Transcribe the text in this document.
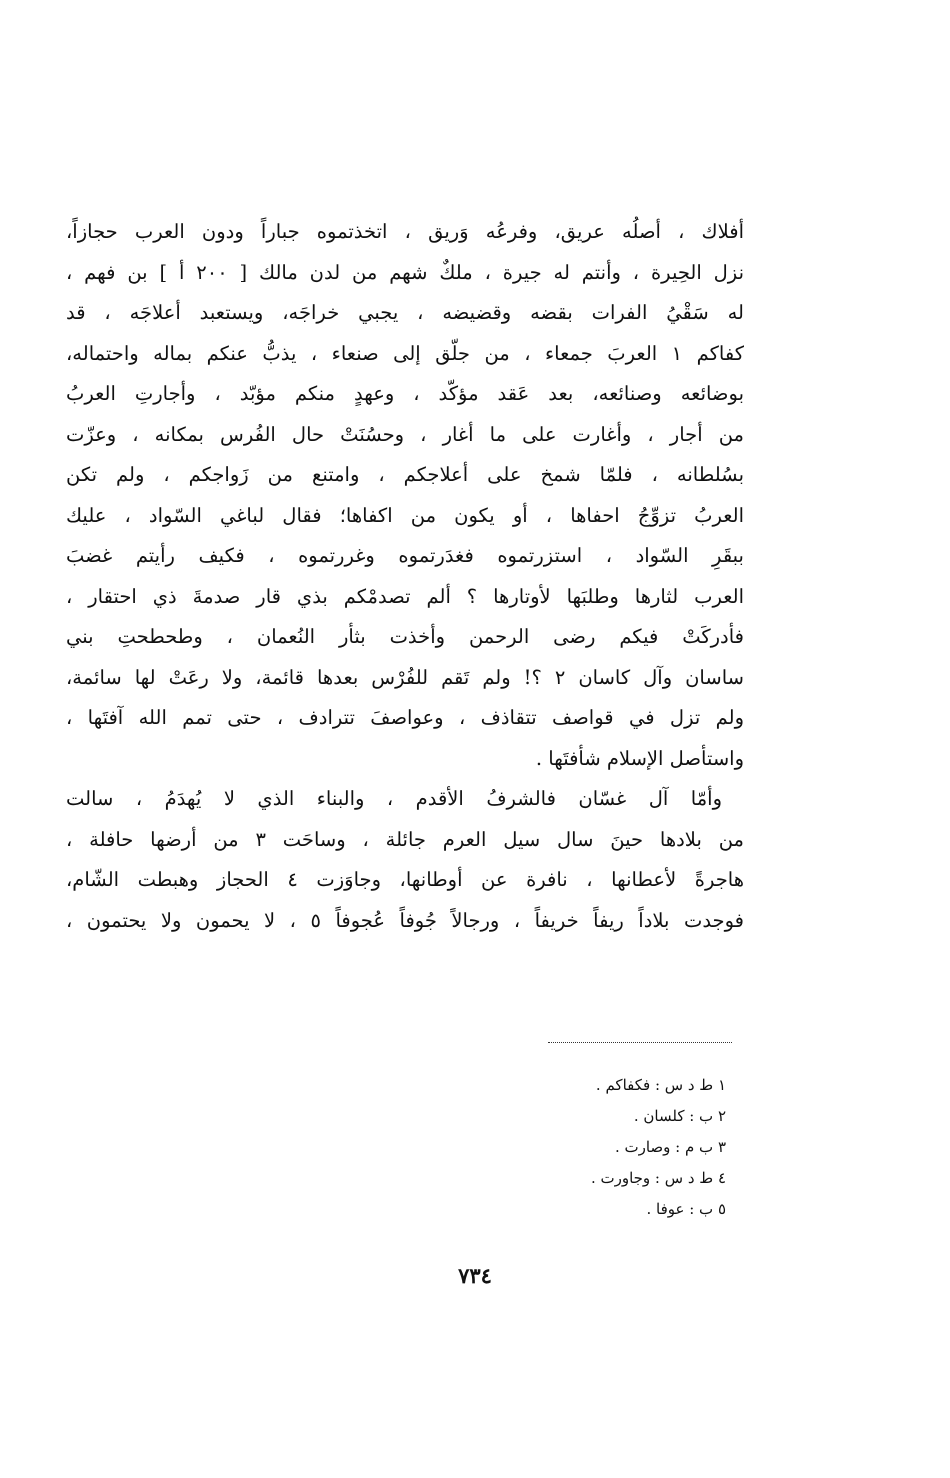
أفلاك ، أصلُه عريق، وفرعُه وَريق ، اتخذتموه جباراً ودون العرب حجازاً،
نزل الحِيرة ، وأنتم له جيرة ، ملكٌ شهم من لدن مالك [ ٢٠٠ أ ] بن فهم ،
له سَقْيُ الفرات بقضه وقضيضه ، يجبي خراجَه، ويستعبد أعلاجَه ، قد
كفاكم ١ العربَ جمعاء ، من جلّق إلى صنعاء ، يذبُّ عنكم بماله واحتماله،
بوضائعه وصنائعه، بعد عَقد مؤكّد ، وعهدٍ منكم مؤبّد ، وأجارتِ العربُ
من أجار ، وأغارت على ما أغار ، وحسُنَتْ حال الفُرس بمكانه ، وعزّت
بسُلطانه ، فلمّا شمخ على أعلاجكم ، وامتنع من زَواجكم ، ولم تكن
العربُ تزوِّجُ احفاها ، أو يكون من اكفاها؛ فقال لباغي السّواد ، عليك
ببقَرِ السّواد ، استزرتموه فغدَرتموه وغررتموه ، فكيف رأيتم غضبَ
العرب لثارها وطلبَها لأوتارها ؟ ألم تصدمْكم بذي قار صدمةَ ذي احتقار ،
فأدركَتْ فيكم رضى الرحمن وأخذت بثأر النُعمان ، وطحطحتِ بني
ساسان وآل كاسان ٢ ؟! ولم تَقم للفُرْس بعدها قائمة، ولا رعَتْ لها سائمة،
ولم تزل في قواصف تتقاذف ، وعواصفَ تترادف ، حتى تمم الله آفتَها ،
واستأصل الإسلام شأفتَها .
وأمّا آل غسّان فالشرفُ الأقدم ، والبناء الذي لا يُهدَمُ ، سالت
من بلادها حينَ سال سيل العرم جائلة ، وساحَت ٣ من أرضها حافلة ،
هاجرةً لأعطانها ، نافرة عن أوطانها، وجاوَزت ٤ الحجاز وهبطت الشّام،
فوجدت بلاداً ريفاً خريفاً ، ورجالاً جُوفاً عُجوفاً ٥ ، لا يحمون ولا يحتمون ،
١ ط د س : فكفاكم .
٢ ب : كلسان .
٣ ب م : وصارت .
٤ ط د س : وجاورت .
٥ ب : عوفا .
٧٣٤
